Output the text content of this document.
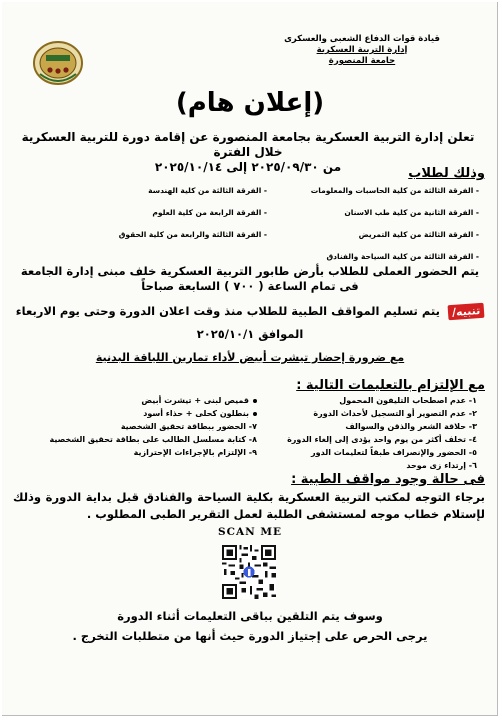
قيادة قوات الدفاع الشعبى والعسكرى
إدارة التربية العسكرية
جامعة المنصورة
(إعلان هام)
تعلن إدارة التربية العسكرية بجامعة المنصورة عن إقامة دورة للتربية العسكرية خلال الفترة
من ٢٠٢٥/٠٩/٣٠ إلى ٢٠٢٥/١٠/١٤	وذلك لطلاب
- الفرقة الثالثة من كلية الحاسبات والمعلومات
- الفرقة الثانية من كلية طب الاسنان
- الفرقة الثالثة من كلية التمريض
- الفرقة الثالثة من كلية السياحة والفنادق
- الفرقة الثالثة من كلية الهندسة
- الفرقة الرابعة من كلية العلوم
- الفرقة الثالثة والرابعة من كلية الحقوق
يتم الحضور العملى للطلاب بأرض طابور التربية العسكرية خلف مبنى إدارة الجامعة
فى تمام الساعة ( ٧٠٠ ) السابعة صباحاً
تنبيه/ يتم تسليم المواقف الطبية للطلاب منذ وقت اعلان الدورة وحتى يوم الاربعاء
الموافق ٢٠٢٥/١٠/١
مع ضرورة إحضار تيشرت أبيض لأداء تمارين اللياقة البدنية
مع الإلتزام بالتعليمات التالية :
١- عدم اصطحاب التليفون المحمول
٢- عدم التصوير أو التسجيل لأحداث الدورة
٣- حلاقة الشعر والذقن والسوالف
٤- تخلف أكثر من يوم واحد يؤدى إلى إلغاء الدورة
٥- الحضور والإنصراف طبقاً لتعليمات الدور
٦- إرتداء زى موحد
قميص لبنى + تيشرت أبيض
بنطلون كحلى + حذاء أسود
٧- الحضور ببطاقة تحقيق الشخصية
٨- كتابة مسلسل الطالب على بطاقة تحقيق الشخصية
٩- الإلتزام بالإجراءات الإحترازية
فى حالة وجود مواقف الطبية :
برجاء التوجه لمكتب التربية العسكرية بكلية السياحة والفنادق قبل بداية الدورة وذلك لإستلام خطاب موجه لمستشفى الطلبة لعمل التقرير الطبى المطلوب .
SCAN ME
وسوف يتم التلقين بباقى التعليمات أثناء الدورة
يرجى الحرص على إجتياز الدورة حيث أنها من متطلبات التخرج .
